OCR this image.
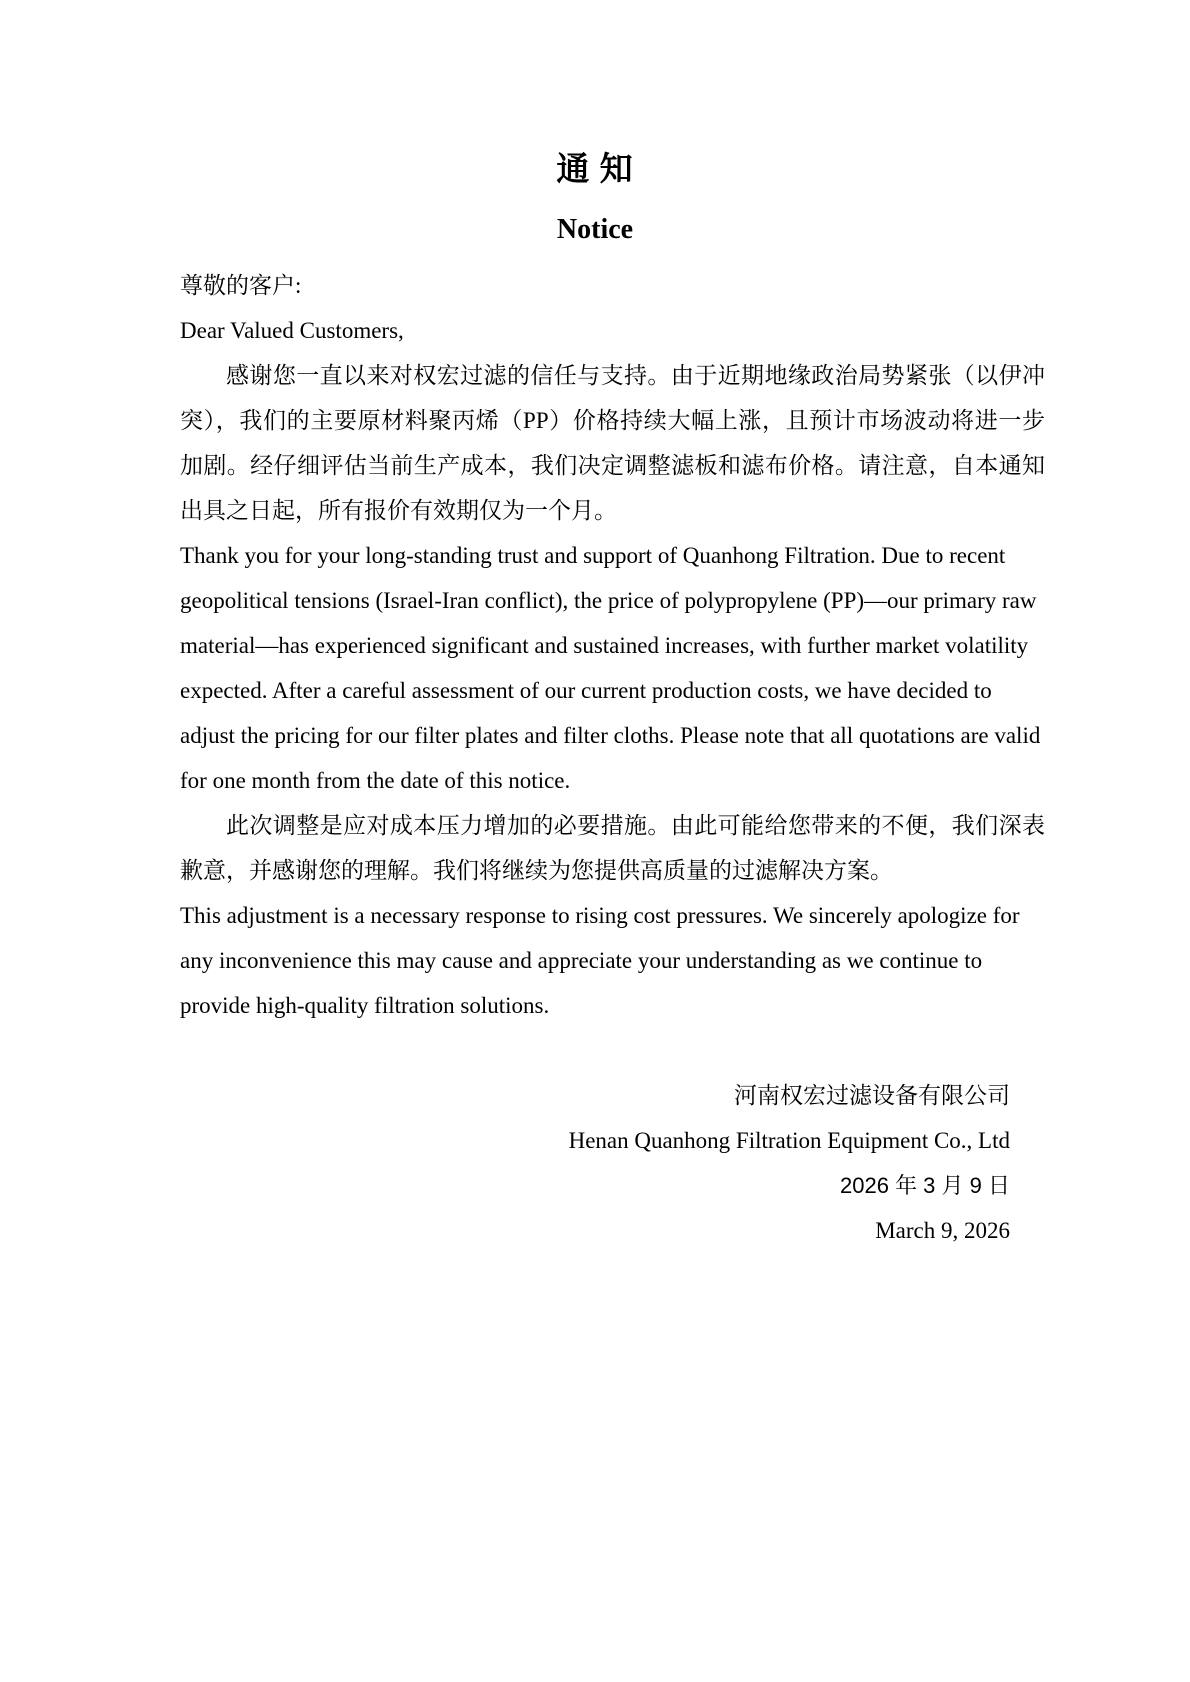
通 知
Notice

尊敬的客户:

Dear Valued Customers,

感谢您一直以来对权宏过滤的信任与支持。由于近期地缘政治局势紧张（以伊冲突），我们的主要原材料聚丙烯（PP）价格持续大幅上涨，且预计市场波动将进一步加剧。经仔细评估当前生产成本，我们决定调整滤板和滤布价格。请注意，自本通知出具之日起，所有报价有效期仅为一个月。

Thank you for your long-standing trust and support of Quanhong Filtration. Due to recent geopolitical tensions (Israel-Iran conflict), the price of polypropylene (PP)—our primary raw material—has experienced significant and sustained increases, with further market volatility expected. After a careful assessment of our current production costs, we have decided to adjust the pricing for our filter plates and filter cloths. Please note that all quotations are valid for one month from the date of this notice.

此次调整是应对成本压力增加的必要措施。由此可能给您带来的不便，我们深表歉意，并感谢您的理解。我们将继续为您提供高质量的过滤解决方案。

This adjustment is a necessary response to rising cost pressures. We sincerely apologize for any inconvenience this may cause and appreciate your understanding as we continue to provide high-quality filtration solutions.

河南权宏过滤设备有限公司

Henan Quanhong Filtration Equipment Co., Ltd

2026 年 3 月 9 日

March 9, 2026
